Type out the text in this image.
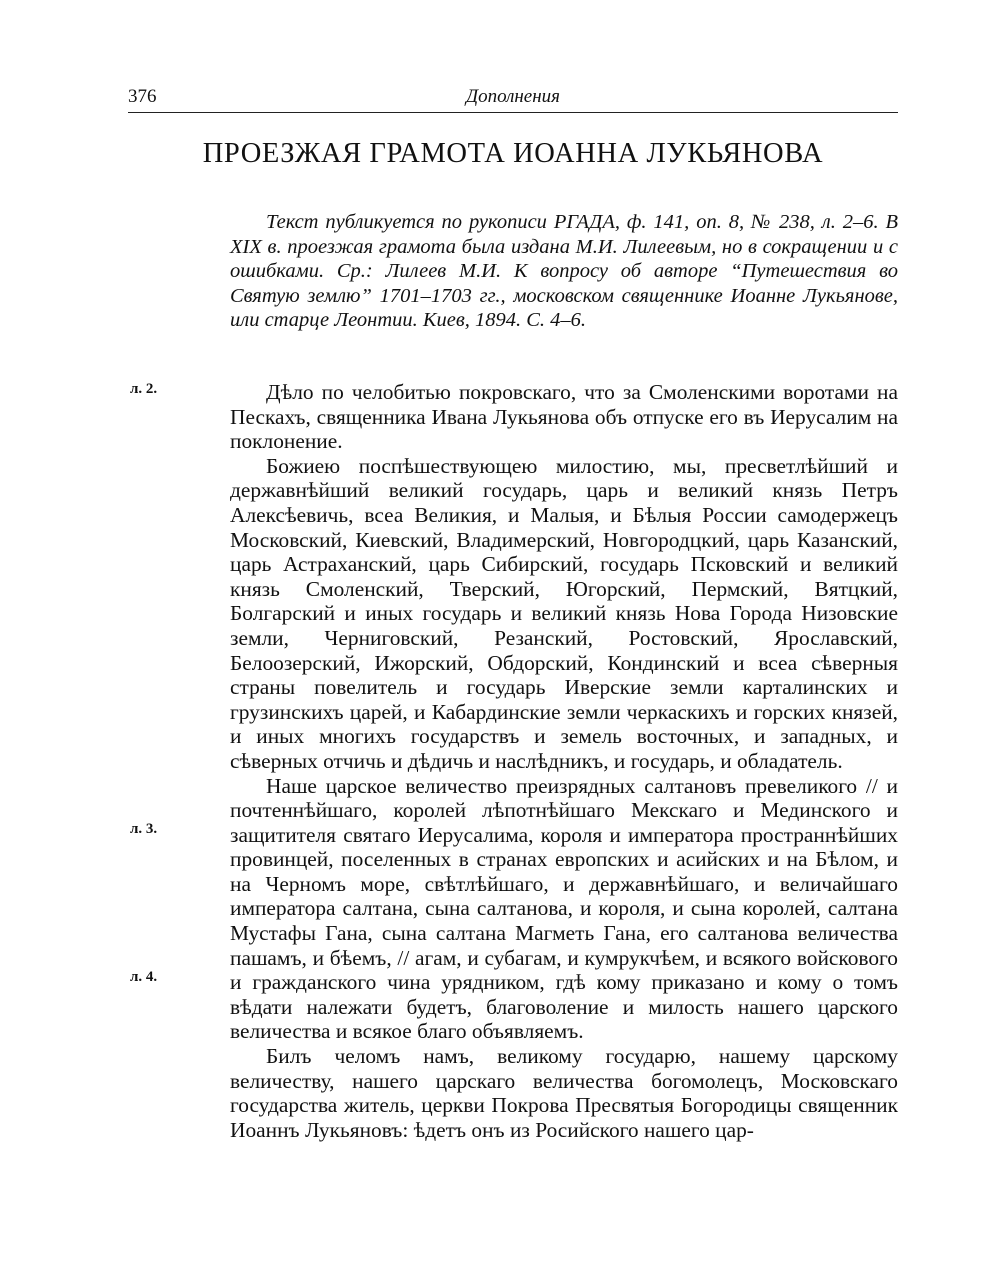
376	Дополнения
ПРОЕЗЖАЯ ГРАМОТА ИОАННА ЛУКЬЯНОВА

Текст публикуется по рукописи РГАДА, ф. 141, оп. 8, № 238, л. 2–6. В XIX в. проезжая грамота была издана М.И. Лилеевым, но в сокращении и с ошибками. Ср.: Лилеев М.И. К вопросу об авторе “Путешествия во Святую землю” 1701–1703 гг., московском священнике Иоанне Лукьянове, или старце Леонтии. Киев, 1894. С. 4–6.

л. 2.
л. 3.
л. 4.

Дѣло по челобитью покровскаго, что за Смоленскими воротами на Пескахъ, священника Ивана Лукьянова объ отпуске его въ Иерусалим на поклонение.

Божиею поспѣшествующею милостию, мы, пресветлѣйший и державнѣйший великий государь, царь и великий князь Петръ Алексѣевичь, всеа Великия, и Малыя, и Бѣлыя России самодержецъ Московский, Киевский, Владимерский, Новгородцкий, царь Казанский, царь Астраханский, царь Сибирский, государь Псковский и великий князь Смоленский, Тверский, Югорский, Пермский, Вятцкий, Болгарский и иных государь и великий князь Нова Города Низовские земли, Черниговский, Резанский, Ростовский, Ярославский, Белоозерский, Ижорский, Обдорский, Кондинский и всеа сѣверныя страны повелитель и государь Иверские земли карталинских и грузинскихъ царей, и Кабардинские земли черкаскихъ и горских князей, и иных многихъ государствъ и земель восточных, и западных, и сѣверных отчичь и дѣдичь и наслѣдникъ, и государь, и обладатель.

Наше царское величество преизрядных салтановъ превеликого // и почтеннѣйшаго, королей лѣпотнѣйшаго Мекскаго и Мединского и защитителя святаго Иерусалима, короля и императора пространнѣйших провинцей, поселенных в странах европских и асийских и на Бѣлом, и на Черномъ море, свѣтлѣйшаго, и державнѣйшаго, и величайшаго императора салтана, сына салтанова, и короля, и сына королей, салтана Мустафы Гана, сына салтана Магметь Гана, его салтанова величества пашамъ, и бѣемъ, // агам, и субагам, и кумрукчѣем, и всякого войскового и гражданского чина урядником, гдѣ кому приказано и кому о томъ вѣдати належати будетъ, благоволение и милость нашего царского величества и всякое благо объявляемъ.

Билъ челомъ намъ, великому государю, нашему царскому величеству, нашего царскаго величества богомолецъ, Московскаго государства житель, церкви Покрова Пресвятыя Богородицы священник Иоаннъ Лукьяновъ: ѣдетъ онъ из Росийского нашего цар-
